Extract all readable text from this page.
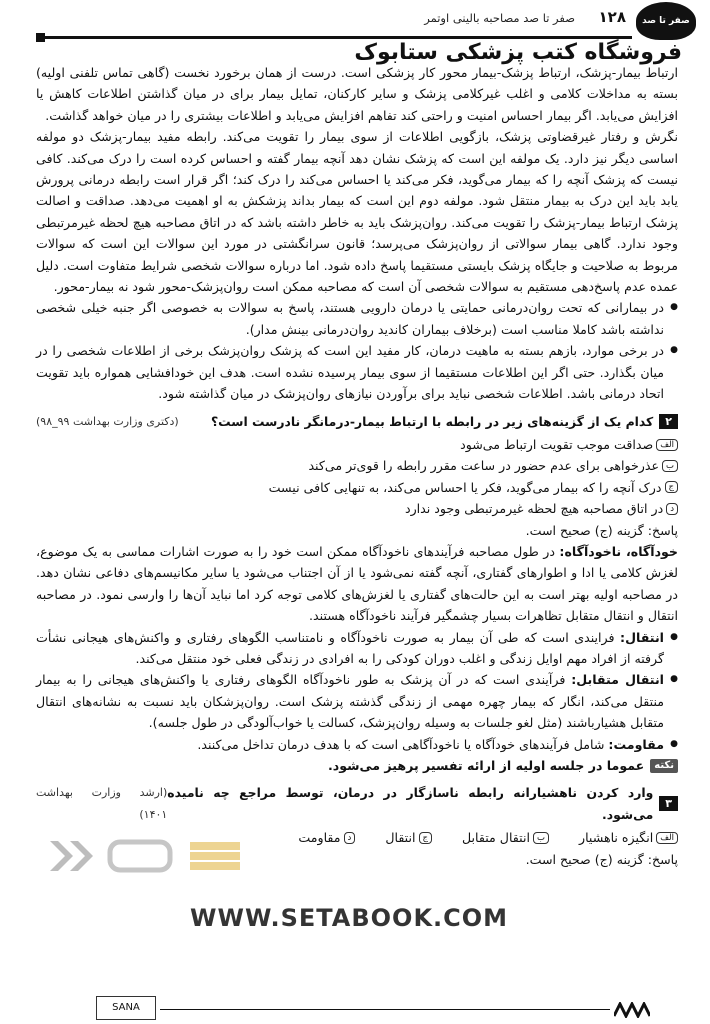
صفر تا صد
۱۲۸
صفر تا صد مصاحبه بالینی اوتمر
فروشگاه کتب پزشکی ستابوک

ارتباط بیمار-پزشک، ارتباط پزشک-بیمار محور کار پزشکی است. درست از همان برخورد نخست (گاهی تماس تلفنی اولیه) بسته به مداخلات کلامی و اغلب غیرکلامی پزشک و سایر کارکنان، تمایل بیمار برای در میان گذاشتن اطلاعات کاهش یا افزایش می‌یابد. اگر بیمار احساس امنیت و راحتی کند تفاهم افزایش می‌یابد و اطلاعات بیشتری را در میان خواهد گذاشت.

نگرش و رفتار غیرقضاوتی پزشک، بازگویی اطلاعات از سوی بیمار را تقویت می‌کند. رابطه مفید بیمار-پزشک دو مولفه اساسی دیگر نیز دارد. یک مولفه این است که پزشک نشان دهد آنچه بیمار گفته و احساس کرده است را درک می‌کند. کافی نیست که پزشک آنچه را که بیمار می‌گوید، فکر می‌کند یا احساس می‌کند را درک کند؛ اگر قرار است رابطه درمانی پرورش یابد باید این درک به بیمار منتقل شود. مولفه دوم این است که بیمار بداند پزشکش به او اهمیت می‌دهد. صداقت و اصالت پزشک ارتباط بیمار-پزشک را تقویت می‌کند. روان‌پزشک باید به خاطر داشته باشد که در اتاق مصاحبه هیچ لحظه غیرمرتبطی وجود ندارد. گاهی بیمار سوالاتی از روان‌پزشک می‌پرسد؛ قانون سرانگشتی در مورد این سوالات این است که سوالات مربوط به صلاحیت و جایگاه پزشک بایستی مستقیما پاسخ داده شود. اما درباره سوالات شخصی شرایط متفاوت است. دلیل عمده عدم پاسخ‌دهی مستقیم به سوالات شخصی آن است که مصاحبه ممکن است روان‌پزشک-محور شود نه بیمار-محور.

● در بیمارانی که تحت روان‌درمانی حمایتی یا درمان دارویی هستند، پاسخ به سوالات به خصوصی اگر جنبه خیلی شخصی نداشته باشد کاملا مناسب است (برخلاف بیماران کاندید روان‌درمانی بینش مدار).

● در برخی موارد، بازهم بسته به ماهیت درمان، کار مفید این است که پزشک روان‌پزشک برخی از اطلاعات شخصی را در میان بگذارد. حتی اگر این اطلاعات مستقیما از سوی بیمار پرسیده نشده است. هدف این خودافشایی همواره باید تقویت اتحاد درمانی باشد. اطلاعات شخصی نباید برای برآوردن نیازهای روان‌پزشک در میان گذاشته شود.

۲
کدام یک از گزینه‌های زیر در رابطه با ارتباط بیمار-درمانگر نادرست است؟
(دکتری وزارت بهداشت ۹۹_۹۸)
الف
صداقت موجب تقویت ارتباط می‌شود
ب
عذرخواهی برای عدم حضور در ساعت مقرر رابطه را قوی‌تر می‌کند
ج
درک آنچه را که بیمار می‌گوید، فکر یا احساس می‌کند، به تنهایی کافی نیست
د
در اتاق مصاحبه هیچ لحظه غیرمرتبطی وجود ندارد

پاسخ: گزینه (ج) صحیح است.

خودآگاه، ناخودآگاه: در طول مصاحبه فرآیندهای ناخودآگاه ممکن است خود را به صورت اشارات مماسی به یک موضوع، لغزش کلامی یا ادا و اطوارهای گفتاری، آنچه گفته نمی‌شود یا از آن اجتناب می‌شود یا سایر مکانیسم‌های دفاعی نشان دهد. در مصاحبه اولیه بهتر است به این حالت‌های گفتاری یا لغزش‌های کلامی توجه کرد اما نباید آن‌ها را وارسی نمود. در مصاحبه انتقال و انتقال متقابل تظاهرات بسیار چشمگیر فرآیند ناخودآگاه هستند.

● انتقال: فرایندی است که طی آن بیمار به صورت ناخودآگاه و نامتناسب الگوهای رفتاری و واکنش‌های هیجانی نشأت گرفته از افراد مهم اوایل زندگی و اغلب دوران کودکی را به افرادی در زندگی فعلی خود منتقل می‌کند.

● انتقال متقابل: فرآیندی است که در آن پزشک به طور ناخودآگاه الگوهای رفتاری یا واکنش‌های هیجانی را به بیمار منتقل می‌کند، انگار که بیمار چهره مهمی از زندگی گذشته پزشک است. روان‌پزشکان باید نسبت به نشانه‌های انتقال متقابل هشیارباشند (مثل لغو جلسات به وسیله روان‌پزشک، کسالت یا خواب‌آلودگی در طول جلسه).

● مقاومت: شامل فرآیندهای خودآگاه یا ناخودآگاهی است که با هدف درمان تداخل می‌کنند.

نکته
عموما در جلسه اولیه از ارائه تفسیر پرهیز می‌شود.
۳
وارد کردن ناهشیارانه رابطه ناسازگار در درمان، توسط مراجع چه نامیده می‌شود.
(ارشد وزارت بهداشت ۱۴۰۱)
الف
انگیزه ناهشیار
ب
انتقال متقابل
ج
انتقال
د
مقاومت

پاسخ: گزینه (ج) صحیح است.

WWW.SETABOOK.COM
SANA
